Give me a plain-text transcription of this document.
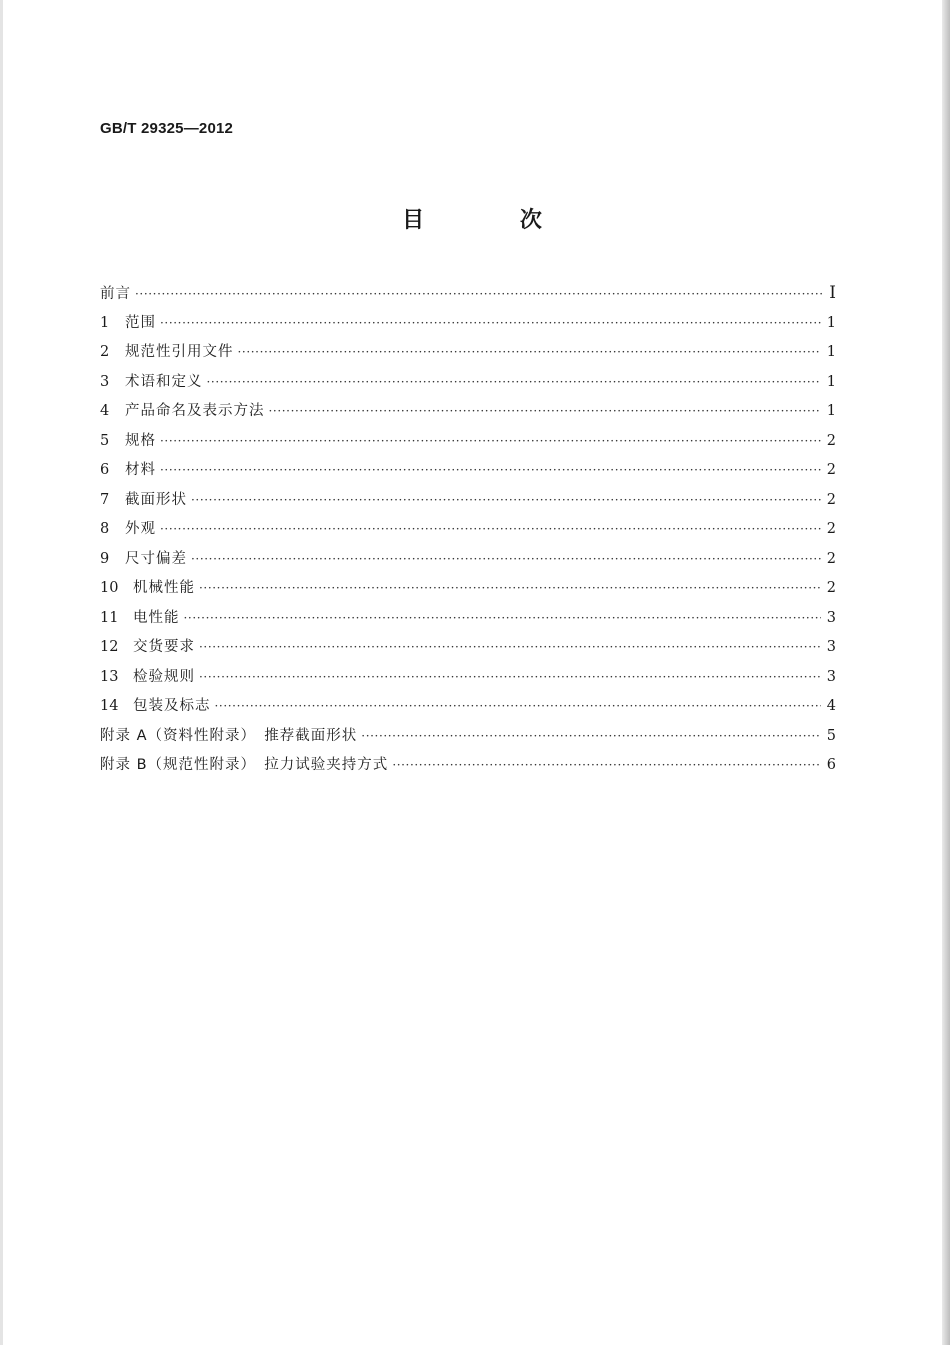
GB/T 29325—2012
目 次
前言 ·····	Ⅰ
1	范围 ·····	1
2	规范性引用文件 ·····	1
3	术语和定义 ·····	1
4	产品命名及表示方法 ·····	1
5	规格 ·····	2
6	材料 ·····	2
7	截面形状 ·····	2
8	外观 ·····	2
9	尺寸偏差 ·····	2
10	机械性能 ·····	2
11	电性能 ·····	3
12	交货要求 ·····	3
13	检验规则 ·····	3
14	包装及标志 ·····	4
附录 A（资料性附录）　推荐截面形状 ·····	5
附录 B（规范性附录）　拉力试验夹持方式 ·····	6
